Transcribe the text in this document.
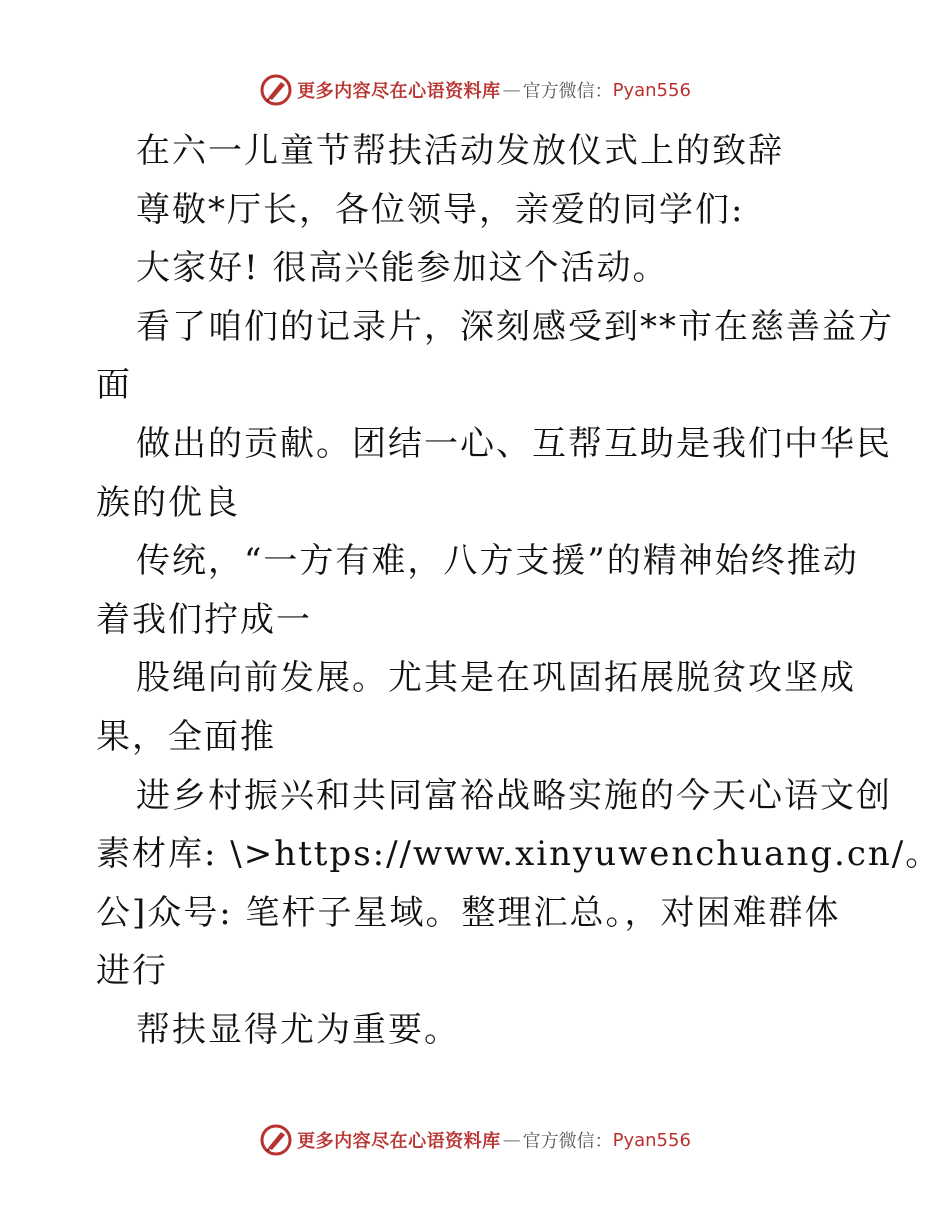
更多内容尽在心语资料库 — 官方微信： Pyan556
在六一儿童节帮扶活动发放仪式上的致辞
尊敬*厅长，各位领导，亲爱的同学们:
大家好! 很高兴能参加这个活动。
看了咱们的记录片，深刻感受到**市在慈善益方
面
做出的贡献。团结一心、互帮互助是我们中华民
族的优良
传统，“一方有难，八方支援”的精神始终推动
着我们拧成一
股绳向前发展。尤其是在巩固拓展脱贫攻坚成
果，全面推
进乡村振兴和共同富裕战略实施的今天心语文创
素材库: \>https://www.xinyuwenchuang.cn/。
公]众号: 笔杆子星域。整理汇总。，对困难群体
进行
帮扶显得尤为重要。
更多内容尽在心语资料库 — 官方微信： Pyan556
